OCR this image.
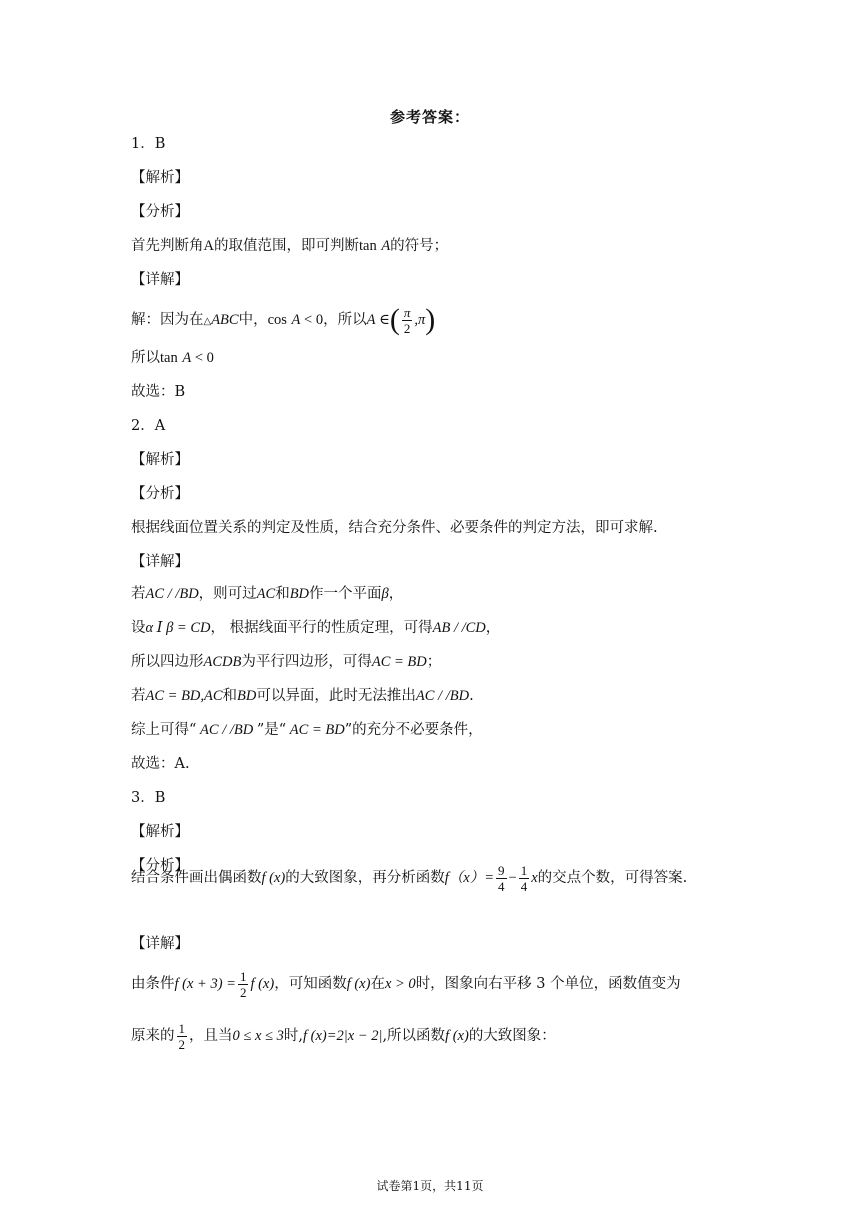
参考答案：
1．B
【解析】
【分析】
首先判断角A的取值范围，即可判断tan A的符号；
【详解】
解：因为在△ABC中，cos A < 0，所以A ∈( $\frac{\pi}{2} ,\pi$)
所以tan A < 0
故选：B
2．A
【解析】
【分析】
根据线面位置关系的判定及性质，结合充分条件、必要条件的判定方法，即可求解.
【详解】
若AC / /BD，则可过AC和BD作一个平面β，
设α Ⅰ β = CD， 根据线面平行的性质定理，可得AB / /CD，
所以四边形ACDB为平行四边形，可得AC = BD；
若AC = BD,AC和BD可以异面，此时无法推出AC / /BD.
综上可得“ AC / /BD ”是“ AC = BD”的充分不必要条件，
故选：A.
3．B
【解析】
【分析】
结合条件画出偶函数f (x)的大致图象，再分析函数$f(x)= \frac{9}{4} - \frac{1}{4}$ x的交点个数，可得答案.
【详解】
由条件f $(x + 3) = \frac{1}{2}$ f (x)，可知函数f (x)在x > 0时，图象向右平移 3 个单位，函数值变为
原来的 $\frac{1}{2}$ ，且当0 ≤ x ≤ 3时,f (x)=2|x − 2|,所以函数f (x)的大致图象：
试卷第1页，共11页
